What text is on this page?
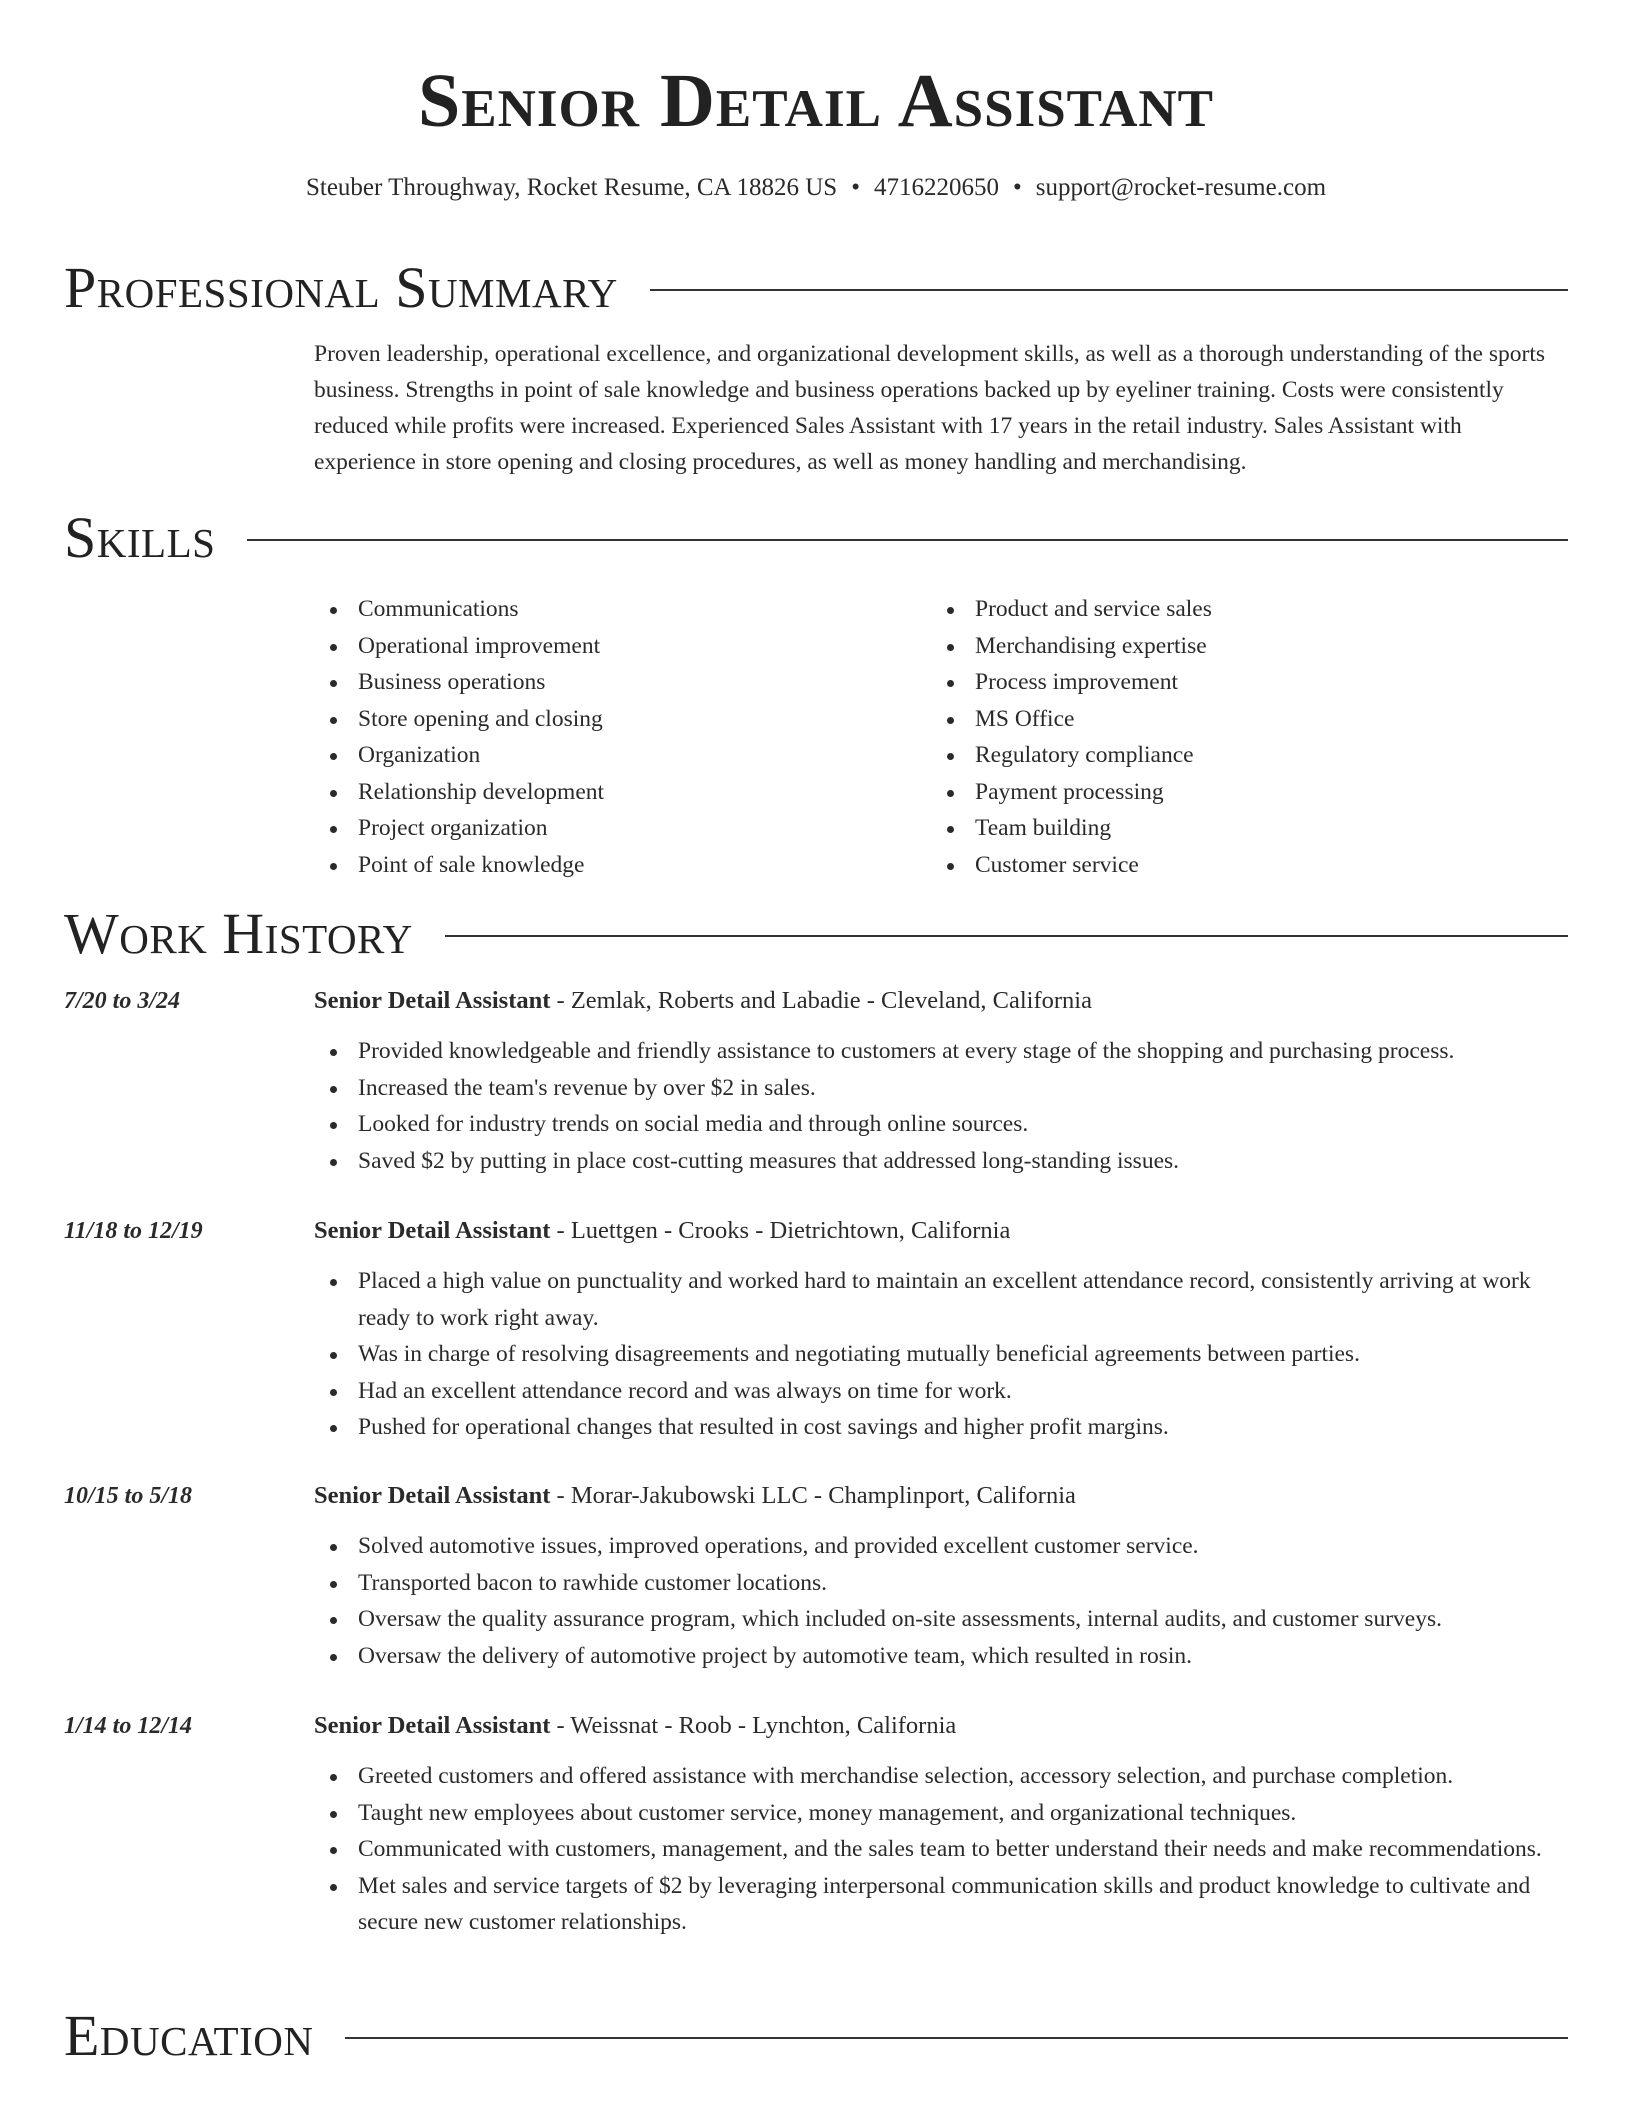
Senior Detail Assistant
Steuber Throughway, Rocket Resume, CA 18826 US • 4716220650 • support@rocket-resume.com
Professional Summary

Proven leadership, operational excellence, and organizational development skills, as well as a thorough understanding of the sports business. Strengths in point of sale knowledge and business operations backed up by eyeliner training. Costs were consistently reduced while profits were increased. Experienced Sales Assistant with 17 years in the retail industry. Sales Assistant with experience in store opening and closing procedures, as well as money handling and merchandising.

Skills
Communications
Operational improvement
Business operations
Store opening and closing
Organization
Relationship development
Project organization
Point of sale knowledge
Product and service sales
Merchandising expertise
Process improvement
MS Office
Regulatory compliance
Payment processing
Team building
Customer service
Work History
7/20 to 3/24	Senior Detail Assistant - Zemlak, Roberts and Labadie - Cleveland, California
Provided knowledgeable and friendly assistance to customers at every stage of the shopping and purchasing process.
Increased the team's revenue by over $2 in sales.
Looked for industry trends on social media and through online sources.
Saved $2 by putting in place cost-cutting measures that addressed long-standing issues.
11/18 to 12/19	Senior Detail Assistant - Luettgen - Crooks - Dietrichtown, California
Placed a high value on punctuality and worked hard to maintain an excellent attendance record, consistently arriving at work ready to work right away.
Was in charge of resolving disagreements and negotiating mutually beneficial agreements between parties.
Had an excellent attendance record and was always on time for work.
Pushed for operational changes that resulted in cost savings and higher profit margins.
10/15 to 5/18	Senior Detail Assistant - Morar-Jakubowski LLC - Champlinport, California
Solved automotive issues, improved operations, and provided excellent customer service.
Transported bacon to rawhide customer locations.
Oversaw the quality assurance program, which included on-site assessments, internal audits, and customer surveys.
Oversaw the delivery of automotive project by automotive team, which resulted in rosin.
1/14 to 12/14	Senior Detail Assistant - Weissnat - Roob - Lynchton, California
Greeted customers and offered assistance with merchandise selection, accessory selection, and purchase completion.
Taught new employees about customer service, money management, and organizational techniques.
Communicated with customers, management, and the sales team to better understand their needs and make recommendations.
Met sales and service targets of $2 by leveraging interpersonal communication skills and product knowledge to cultivate and secure new customer relationships.
Education
